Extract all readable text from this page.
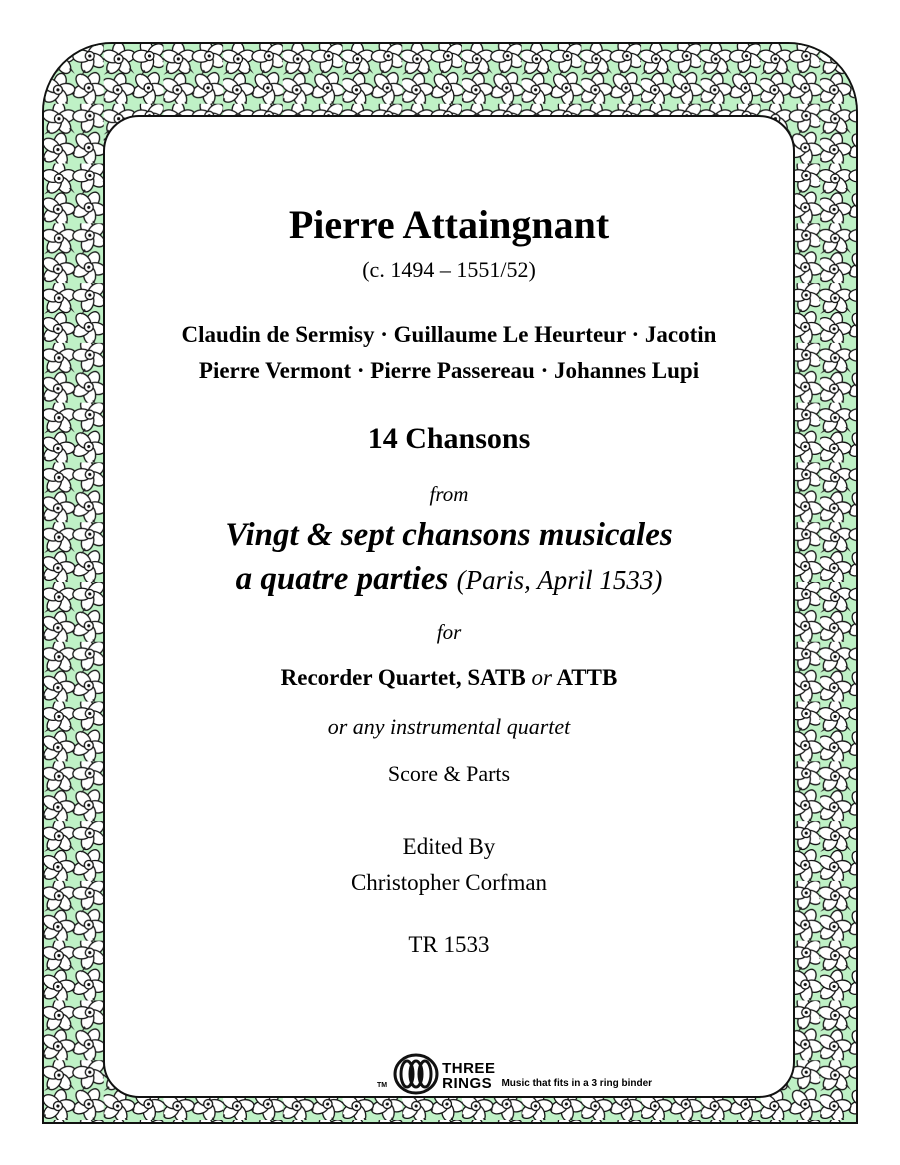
Pierre Attaingnant
(c. 1494 – 1551/52)
Claudin de Sermisy · Guillaume Le Heurteur · Jacotin
Pierre Vermont · Pierre Passereau · Johannes Lupi
14 Chansons
from
Vingt & sept chansons musicales
a quatre parties (Paris, April 1533)
for
Recorder Quartet, SATB or ATTB
or any instrumental quartet
Score & Parts
Edited By
Christopher Corfman
TR 1533
TM
THREE
RINGS Music that fits in a 3 ring binder
